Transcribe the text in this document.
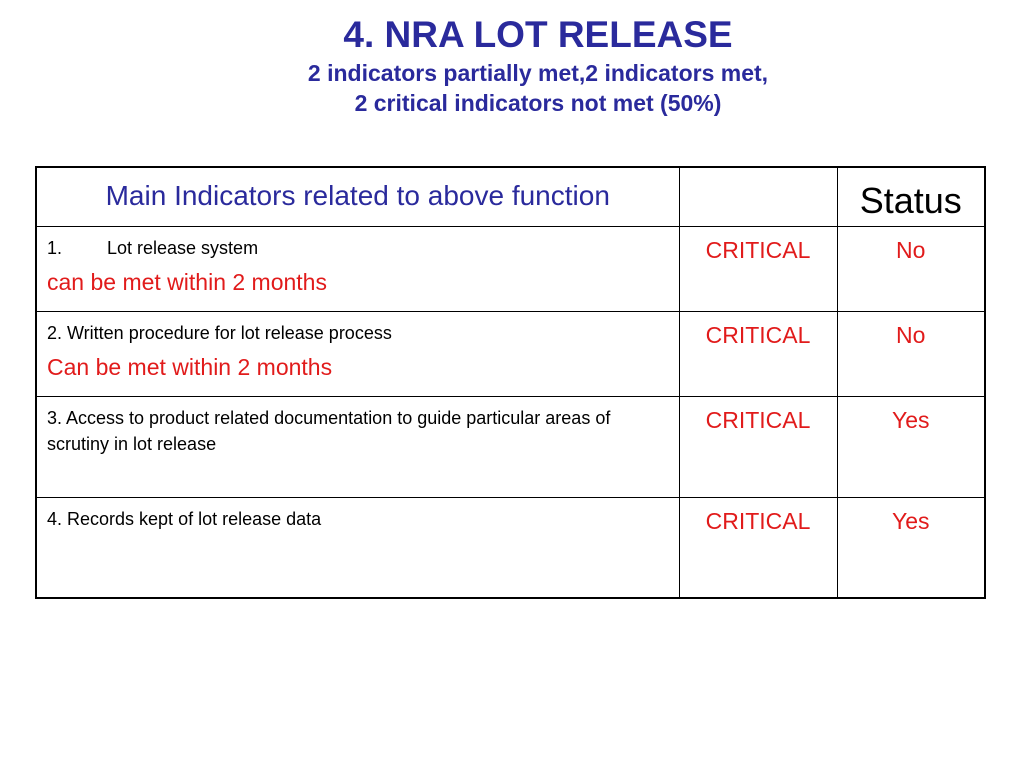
4. NRA LOT RELEASE
2 indicators partially met,2 indicators met,
2 critical indicators not met (50%)
Main Indicators related to above function		Status

1. Lot release system
can be met within 2 months	CRITICAL	No

2. Written procedure for lot release process
Can be met within 2 months	CRITICAL	No

3. Access to product related documentation to guide particular areas of scrutiny in lot release	CRITICAL	Yes

4. Records kept of lot release data	CRITICAL	Yes
